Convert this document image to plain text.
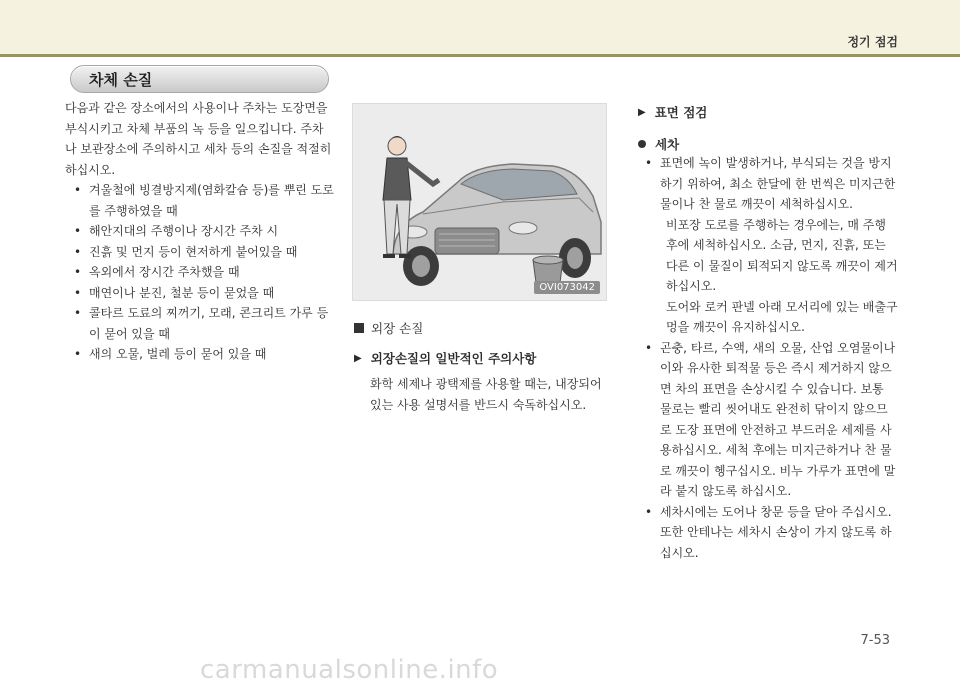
정기 점검
차체 손질

다음과 같은 장소에서의 사용이나 주차는 도장면을 부식시키고 차체 부품의 녹 등을 일으킵니다. 주차나 보관장소에 주의하시고 세차 등의 손질을 적절히 하십시오.

• 겨울철에 빙결방지제(염화칼슘 등)를 뿌린 도로를 주행하였을 때
• 해안지대의 주행이나 장시간 주차 시
• 진흙 및 먼지 등이 현저하게 붙어있을 때
• 옥외에서 장시간 주차했을 때
• 매연이나 분진, 철분 등이 묻었을 때
• 콜타르 도료의 찌꺼기, 모래, 콘크리트 가루 등이 묻어 있을 때
• 새의 오물, 벌레 등이 묻어 있을 때
OVI073042
외장 손질
▶ 외장손질의 일반적인 주의사항
화학 세제나 광택제를 사용할 때는, 내장되어 있는 사용 설명서를 반드시 숙독하십시오.
▶ 표면 점검
세차
• 표면에 녹이 발생하거나, 부식되는 것을 방지하기 위하여, 최소 한달에 한 번씩은 미지근한 물이나 찬 물로 깨끗이 세척하십시오.
비포장 도로를 주행하는 경우에는, 매 주행 후에 세척하십시오. 소금, 먼지, 진흙, 또는 다른 이 물질이 퇴적되지 않도록 깨끗이 제거하십시오.
도어와 로커 판넬 아래 모서리에 있는 배출구멍을 깨끗이 유지하십시오.
• 곤충, 타르, 수액, 새의 오물, 산업 오염물이나 이와 유사한 퇴적물 등은 즉시 제거하지 않으면 차의 표면을 손상시킬 수 있습니다. 보통 물로는 빨리 씻어내도 완전히 닦이지 않으므로 도장 표면에 안전하고 부드러운 세제를 사용하십시오. 세척 후에는 미지근하거나 찬 물로 깨끗이 헹구십시오. 비누 가루가 표면에 말라 붙지 않도록 하십시오.
• 세차시에는 도어나 창문 등을 닫아 주십시오. 또한 안테나는 세차시 손상이 가지 않도록 하십시오.
7-53
carmanualsonline.info
